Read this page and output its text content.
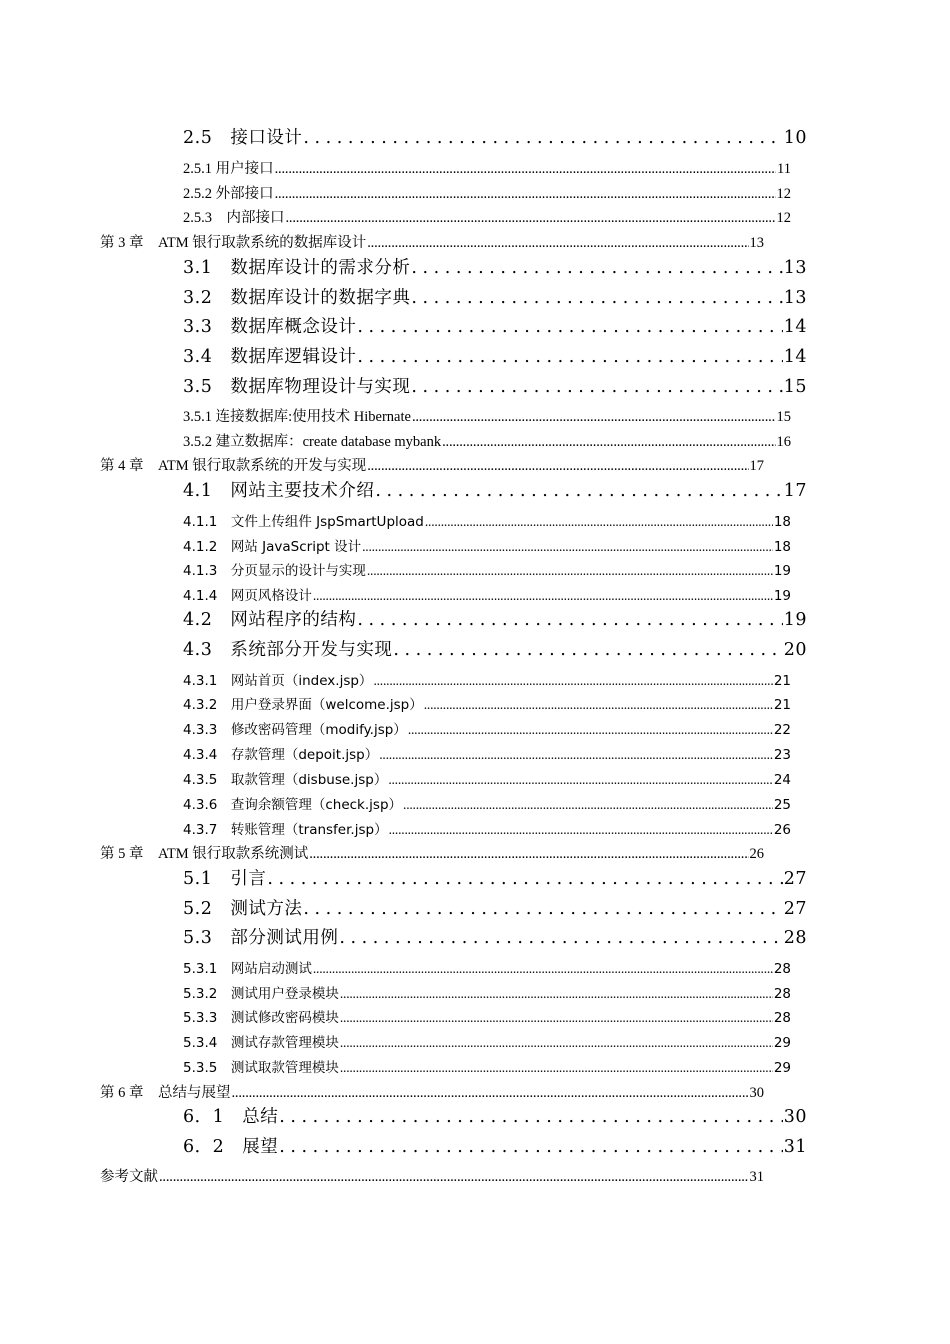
2.5　接口设计 . . .	10
2.5.1 用户接口 .....	11
2.5.2 外部接口 .....	12
2.5.3　内部接口 .....	12
第 3 章　ATM 银行取款系统的数据库设计 .....	13
3.1　数据库设计的需求分析 . . .	13
3.2　数据库设计的数据字典 . . .	13
3.3　数据库概念设计 . . .	14
3.4　数据库逻辑设计 . . .	14
3.5　数据库物理设计与实现 . . .	15
3.5.1 连接数据库:使用技术 Hibernate .....	15
3.5.2 建立数据库：create database mybank .....	16
第 4 章　ATM 银行取款系统的开发与实现 .....	17
4.1　网站主要技术介绍 . . .	17
4.1.1　文件上传组件 JspSmartUpload .....	18
4.1.2　网站 JavaScript 设计 .....	18
4.1.3　分页显示的设计与实现 .....	19
4.1.4　网页风格设计 .....	19
4.2　网站程序的结构 . . .	19
4.3　系统部分开发与实现 . . .	20
4.3.1　网站首页（index.jsp） .....	21
4.3.2　用户登录界面（welcome.jsp） .....	21
4.3.3　修改密码管理（modify.jsp） .....	22
4.3.4　存款管理（depoit.jsp） .....	23
4.3.5　取款管理（disbuse.jsp） .....	24
4.3.6　查询余额管理（check.jsp） .....	25
4.3.7　转账管理（transfer.jsp） .....	26
第 5 章　ATM 银行取款系统测试 .....	26
5.1　引言 . . .	27
5.2　测试方法 . . .	27
5.3　部分测试用例 . . .	28
5.3.1　网站启动测试 .....	28
5.3.2　测试用户登录模块 .....	28
5.3.3　测试修改密码模块 .....	28
5.3.4　测试存款管理模块 .....	29
5.3.5　测试取款管理模块 .....	29
第 6 章　总结与展望 .....	30
6．1　总结 . . .	30
6．2　展望 . . .	31
参考文献 .....	31
